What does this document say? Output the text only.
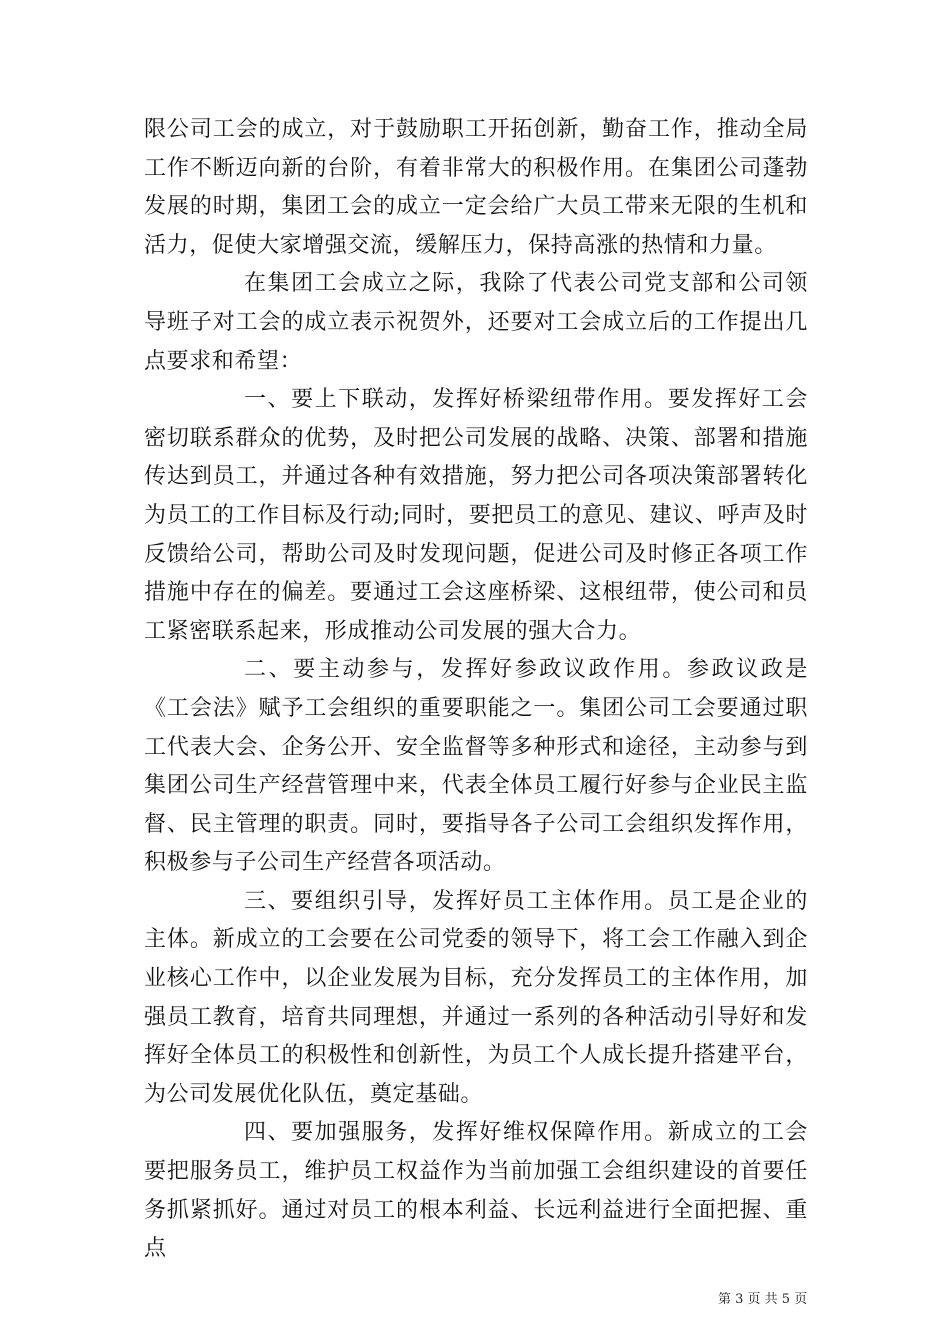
限公司工会的成立，对于鼓励职工开拓创新，勤奋工作，推动全局工作不断迈向新的台阶，有着非常大的积极作用。在集团公司蓬勃发展的时期，集团工会的成立一定会给广大员工带来无限的生机和活力，促使大家增强交流，缓解压力，保持高涨的热情和力量。

在集团工会成立之际，我除了代表公司党支部和公司领导班子对工会的成立表示祝贺外，还要对工会成立后的工作提出几点要求和希望：

一、要上下联动，发挥好桥梁纽带作用。要发挥好工会密切联系群众的优势，及时把公司发展的战略、决策、部署和措施传达到员工，并通过各种有效措施，努力把公司各项决策部署转化为员工的工作目标及行动;同时，要把员工的意见、建议、呼声及时反馈给公司，帮助公司及时发现问题，促进公司及时修正各项工作措施中存在的偏差。要通过工会这座桥梁、这根纽带，使公司和员工紧密联系起来，形成推动公司发展的强大合力。

二、要主动参与，发挥好参政议政作用。参政议政是《工会法》赋予工会组织的重要职能之一。集团公司工会要通过职工代表大会、企务公开、安全监督等多种形式和途径，主动参与到集团公司生产经营管理中来，代表全体员工履行好参与企业民主监督、民主管理的职责。同时，要指导各子公司工会组织发挥作用，积极参与子公司生产经营各项活动。

三、要组织引导，发挥好员工主体作用。员工是企业的主体。新成立的工会要在公司党委的领导下，将工会工作融入到企业核心工作中，以企业发展为目标，充分发挥员工的主体作用，加强员工教育，培育共同理想，并通过一系列的各种活动引导好和发挥好全体员工的积极性和创新性，为员工个人成长提升搭建平台，为公司发展优化队伍，奠定基础。

四、要加强服务，发挥好维权保障作用。新成立的工会要把服务员工，维护员工权益作为当前加强工会组织建设的首要任务抓紧抓好。通过对员工的根本利益、长远利益进行全面把握、重点

第 3 页 共 5 页
